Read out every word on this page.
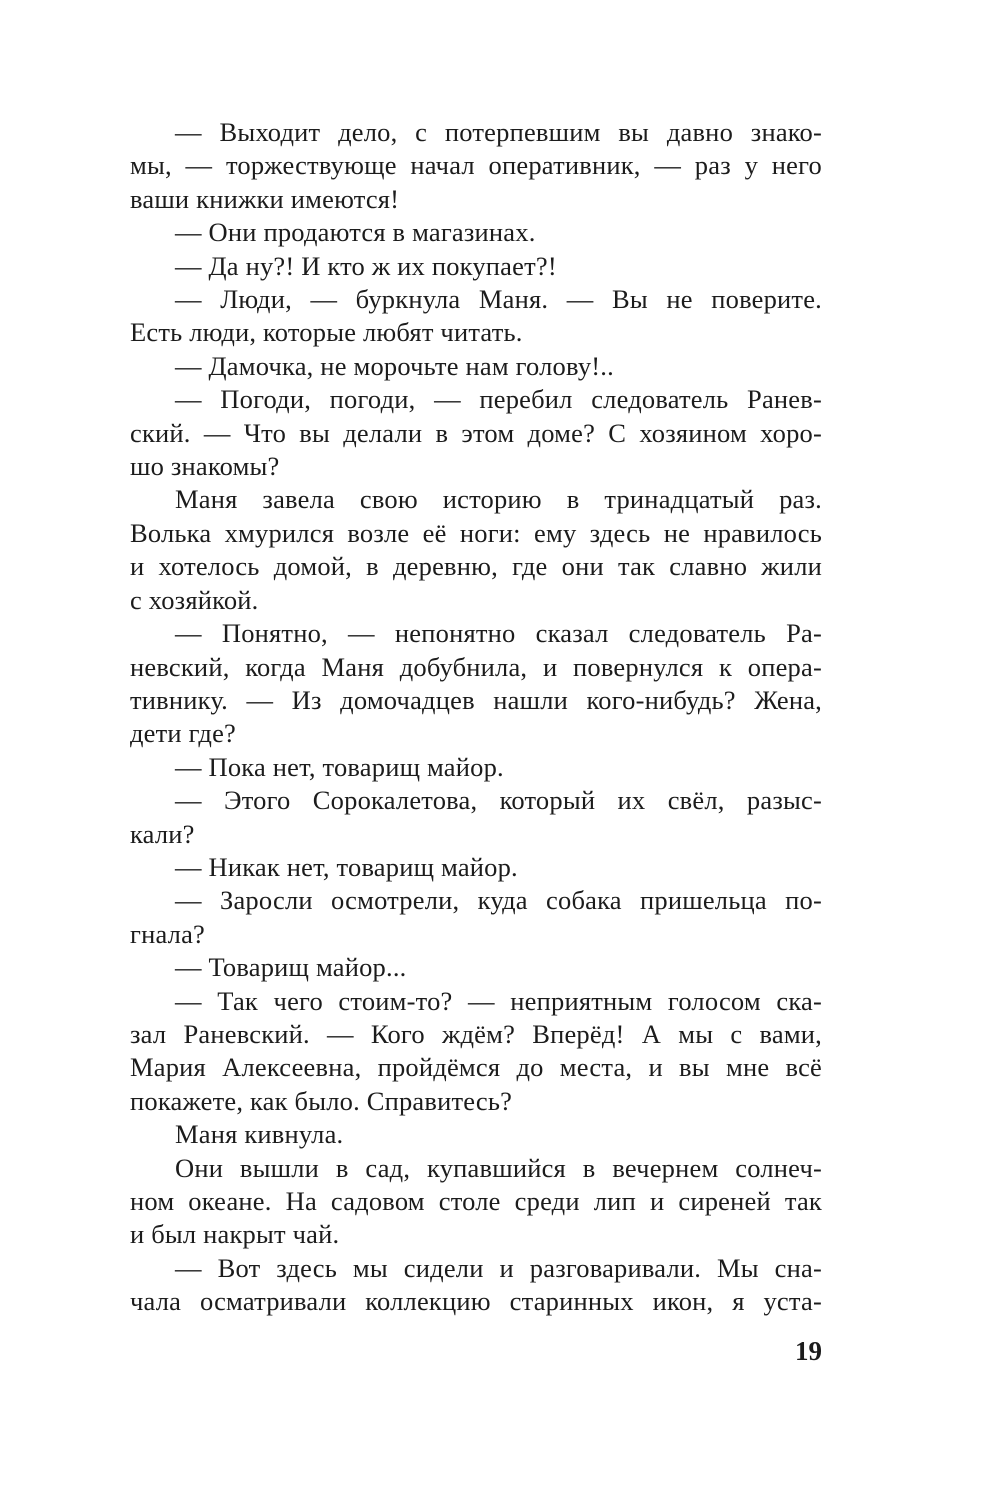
— Выходит дело, с потерпевшим вы давно знако-
мы, — торжествующе начал оперативник, — раз у него
ваши книжки имеются!
— Они продаются в магазинах.
— Да ну?! И кто ж их покупает?!
— Люди, — буркнула Маня. — Вы не поверите.
Есть люди, которые любят читать.
— Дамочка, не морочьте нам голову!..
— Погоди, погоди, — перебил следователь Ранев-
ский. — Что вы делали в этом доме? С хозяином хоро-
шо знакомы?
Маня завела свою историю в тринадцатый раз.
Волька хмурился возле её ноги: ему здесь не нравилось
и хотелось домой, в деревню, где они так славно жили
с хозяйкой.
— Понятно, — непонятно сказал следователь Ра-
невский, когда Маня добубнила, и повернулся к опера-
тивнику. — Из домочадцев нашли кого-нибудь? Жена,
дети где?
— Пока нет, товарищ майор.
— Этого Сорокалетова, который их свёл, разыс-
кали?
— Никак нет, товарищ майор.
— Заросли осмотрели, куда собака пришельца по-
гнала?
— Товарищ майор...
— Так чего стоим-то? — неприятным голосом ска-
зал Раневский. — Кого ждём? Вперёд! А мы с вами,
Мария Алексеевна, пройдёмся до места, и вы мне всё
покажете, как было. Справитесь?
Маня кивнула.
Они вышли в сад, купавшийся в вечернем солнеч-
ном океане. На садовом столе среди лип и сиреней так
и был накрыт чай.
— Вот здесь мы сидели и разговаривали. Мы сна-
чала осматривали коллекцию старинных икон, я уста-
19
